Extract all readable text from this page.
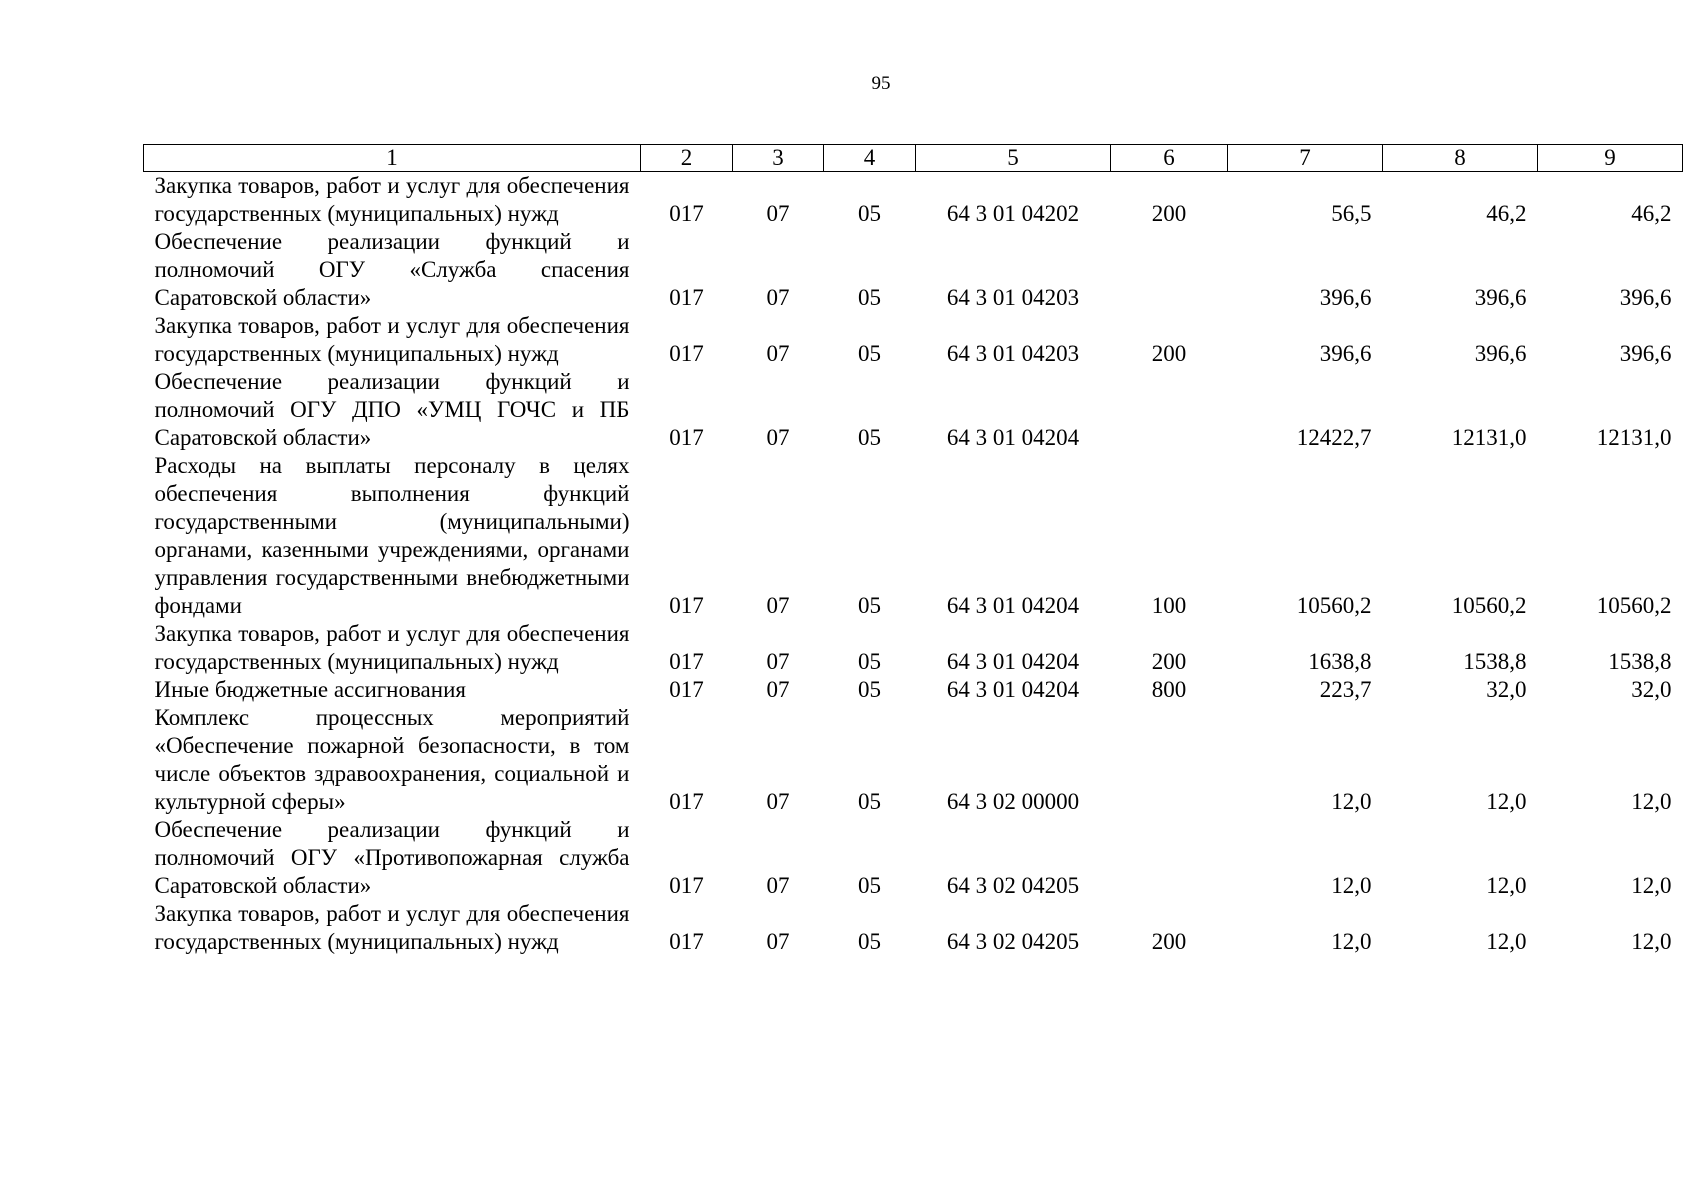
95
1	2	3	4	5	6	7	8	9
Закупка товаров, работ и услуг для обеспечения государственных (муниципальных) нужд	017	07	05	64 3 01 04202	200	56,5	46,2	46,2
Обеспечение реализации функций и полномочий ОГУ «Служба спасения Саратовской области»	017	07	05	64 3 01 04203		396,6	396,6	396,6
Закупка товаров, работ и услуг для обеспечения государственных (муниципальных) нужд	017	07	05	64 3 01 04203	200	396,6	396,6	396,6
Обеспечение реализации функций и полномочий ОГУ ДПО «УМЦ ГОЧС и ПБ Саратовской области»	017	07	05	64 3 01 04204		12422,7	12131,0	12131,0
Расходы на выплаты персоналу в целях обеспечения выполнения функций государственными (муниципальными) органами, казенными учреждениями, органами управления государственными внебюджетными фондами	017	07	05	64 3 01 04204	100	10560,2	10560,2	10560,2
Закупка товаров, работ и услуг для обеспечения государственных (муниципальных) нужд	017	07	05	64 3 01 04204	200	1638,8	1538,8	1538,8
Иные бюджетные ассигнования	017	07	05	64 3 01 04204	800	223,7	32,0	32,0
Комплекс процессных мероприятий «Обеспечение пожарной безопасности, в том числе объектов здравоохранения, социальной и культурной сферы»	017	07	05	64 3 02 00000		12,0	12,0	12,0
Обеспечение реализации функций и полномочий ОГУ «Противопожарная служба Саратовской области»	017	07	05	64 3 02 04205		12,0	12,0	12,0
Закупка товаров, работ и услуг для обеспечения государственных (муниципальных) нужд	017	07	05	64 3 02 04205	200	12,0	12,0	12,0
